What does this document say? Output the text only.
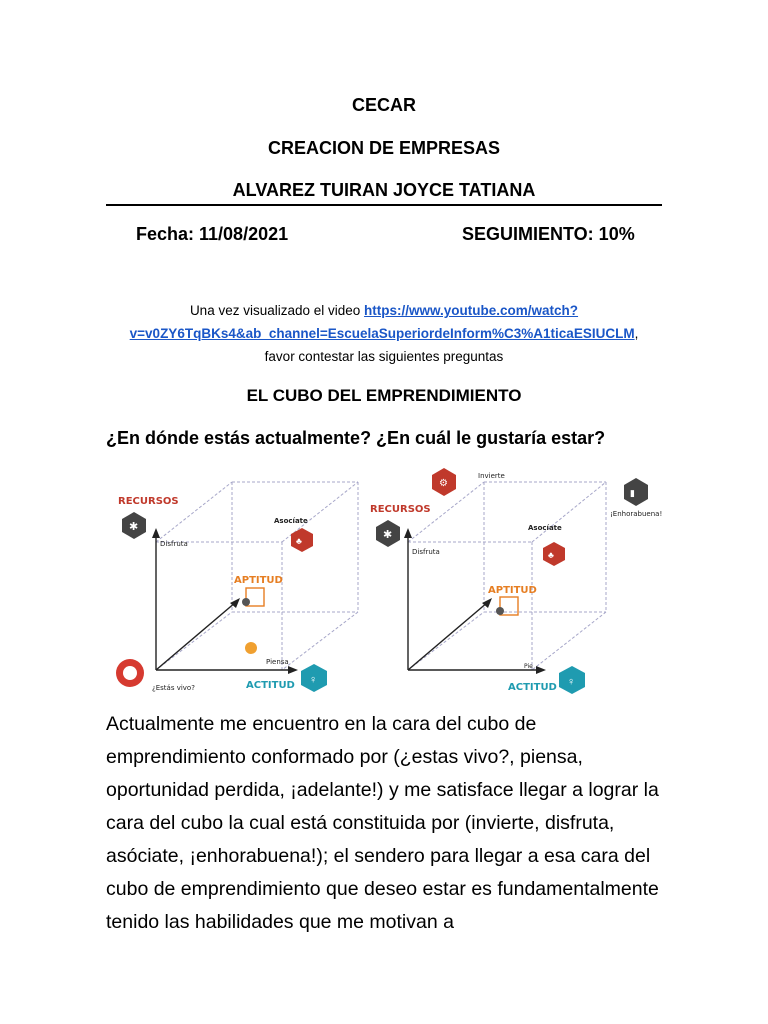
CECAR
CREACION DE EMPRESAS
ALVAREZ TUIRAN JOYCE TATIANA
Fecha: 11/08/2021	SEGUIMIENTO: 10%
Una vez visualizado el video https://www.youtube.com/watch?v=v0ZY6TqBKs4&ab_channel=EscuelaSuperiordeInform%C3%A1ticaESIUCLM,
favor contestar las siguientes preguntas
EL CUBO DEL EMPRENDIMIENTO
¿En dónde estás actualmente? ¿En cuál le gustaría estar?
RECURSOS
✱
Disfruta
Asocíate
♣
APTITUD
Piensa
¿Estás vivo?	ACTITUD ♀
⚙
Invierte
▮
¡Enhorabuena!
RECURSOS
✱
Asocíate
♣
Disfruta
APTITUD
Pie
ACTITUD ♀
Actualmente me encuentro en la cara del cubo de emprendimiento conformado por (¿estas vivo?, piensa, oportunidad perdida, ¡adelante!) y me satisface llegar a lograr la cara del cubo la cual está constituida por (invierte, disfruta, asóciate, ¡enhorabuena!); el sendero para llegar a esa cara del cubo de emprendimiento que deseo estar es fundamentalmente tenido las habilidades que me motivan a
